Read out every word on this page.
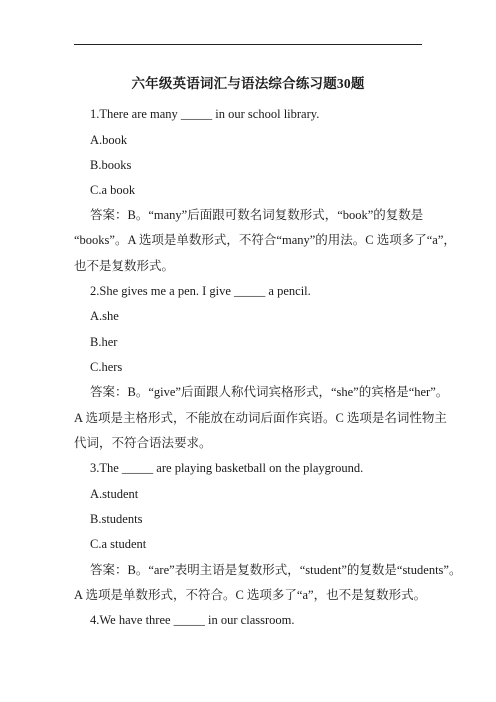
六年级英语词汇与语法综合练习题30题
1.There are many _____ in our school library.
A.book
B.books
C.a book
答案：B。“many”后面跟可数名词复数形式，“book”的复数是
“books”。A 选项是单数形式，不符合“many”的用法。C 选项多了“a”，
也不是复数形式。
2.She gives me a pen. I give _____ a pencil.
A.she
B.her
C.hers
答案：B。“give”后面跟人称代词宾格形式，“she”的宾格是“her”。
A 选项是主格形式，不能放在动词后面作宾语。C 选项是名词性物主
代词，不符合语法要求。
3.The _____ are playing basketball on the playground.
A.student
B.students
C.a student
答案：B。“are”表明主语是复数形式，“student”的复数是“students”。
A 选项是单数形式，不符合。C 选项多了“a”，也不是复数形式。
4.We have three _____ in our classroom.
